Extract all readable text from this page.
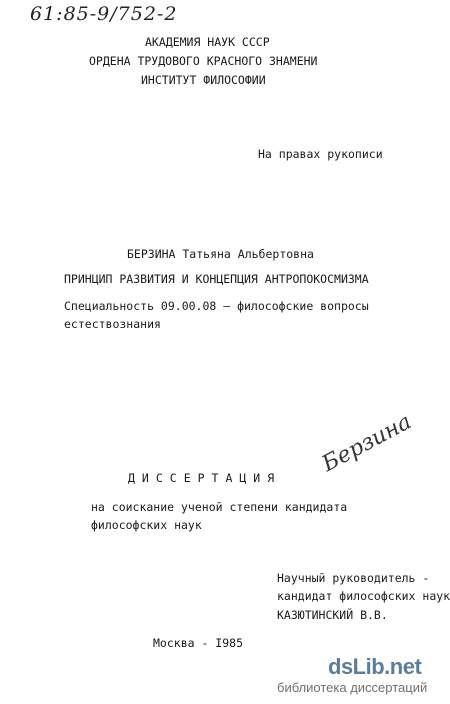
61:85-9/752-2
АКАДЕМИЯ НАУК СССР
ОРДЕНА ТРУДОВОГО КРАСНОГО ЗНАМЕНИ
ИНСТИТУТ ФИЛОСОФИИ
На правах рукописи
БЕРЗИНА Татьяна Альбертовна
ПРИНЦИП РАЗВИТИЯ И КОНЦЕПЦИЯ АНТРОПОКОСМИЗМА
Специальность 09.00.08 – философские вопросы
естествознания
Берзина
ДИССЕРТАЦИЯ
на соискание ученой степени кандидата
философских наук
Научный руководитель -
кандидат философских наук
КАЗЮТИНСКИЙ В.В.
Москва - I985
dsLib.net
библиотека диссертаций
